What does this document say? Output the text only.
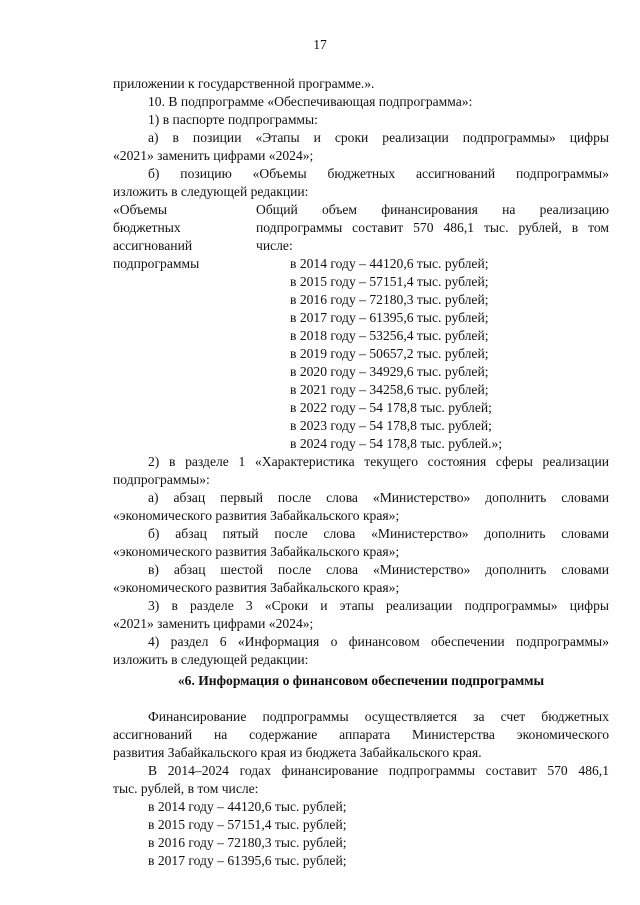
17
приложении к государственной программе.».
10. В подпрограмме «Обеспечивающая подпрограмма»:
1) в паспорте подпрограммы:
а) в позиции «Этапы и сроки реализации подпрограммы» цифры
«2021» заменить цифрами «2024»;
б) позицию «Объемы бюджетных ассигнований подпрограммы»
изложить в следующей редакции:
«Объемы
бюджетных
ассигнований
подпрограммы
Общий объем финансирования на реализацию
подпрограммы составит 570 486,1 тыс. рублей, в том
числе:
в 2014 году – 44120,6 тыс. рублей;
в 2015 году – 57151,4 тыс. рублей;
в 2016 году – 72180,3 тыс. рублей;
в 2017 году – 61395,6 тыс. рублей;
в 2018 году – 53256,4 тыс. рублей;
в 2019 году – 50657,2 тыс. рублей;
в 2020 году – 34929,6 тыс. рублей;
в 2021 году – 34258,6 тыс. рублей;
в 2022 году – 54 178,8 тыс. рублей;
в 2023 году – 54 178,8 тыс. рублей;
в 2024 году – 54 178,8 тыс. рублей.»;
2) в разделе 1 «Характеристика текущего состояния сферы реализации
подпрограммы»:
а) абзац первый после слова «Министерство» дополнить словами
«экономического развития Забайкальского края»;
б) абзац пятый после слова «Министерство» дополнить словами
«экономического развития Забайкальского края»;
в) абзац шестой после слова «Министерство» дополнить словами
«экономического развития Забайкальского края»;
3) в разделе 3 «Сроки и этапы реализации подпрограммы» цифры
«2021» заменить цифрами «2024»;
4) раздел 6 «Информация о финансовом обеспечении подпрограммы»
изложить в следующей редакции:
«6. Информация о финансовом обеспечении подпрограммы
Финансирование подпрограммы осуществляется за счет бюджетных
ассигнований на содержание аппарата Министерства экономического
развития Забайкальского края из бюджета Забайкальского края.
В 2014–2024 годах финансирование подпрограммы составит 570 486,1
тыс. рублей, в том числе:
в 2014 году – 44120,6 тыс. рублей;
в 2015 году – 57151,4 тыс. рублей;
в 2016 году – 72180,3 тыс. рублей;
в 2017 году – 61395,6 тыс. рублей;
